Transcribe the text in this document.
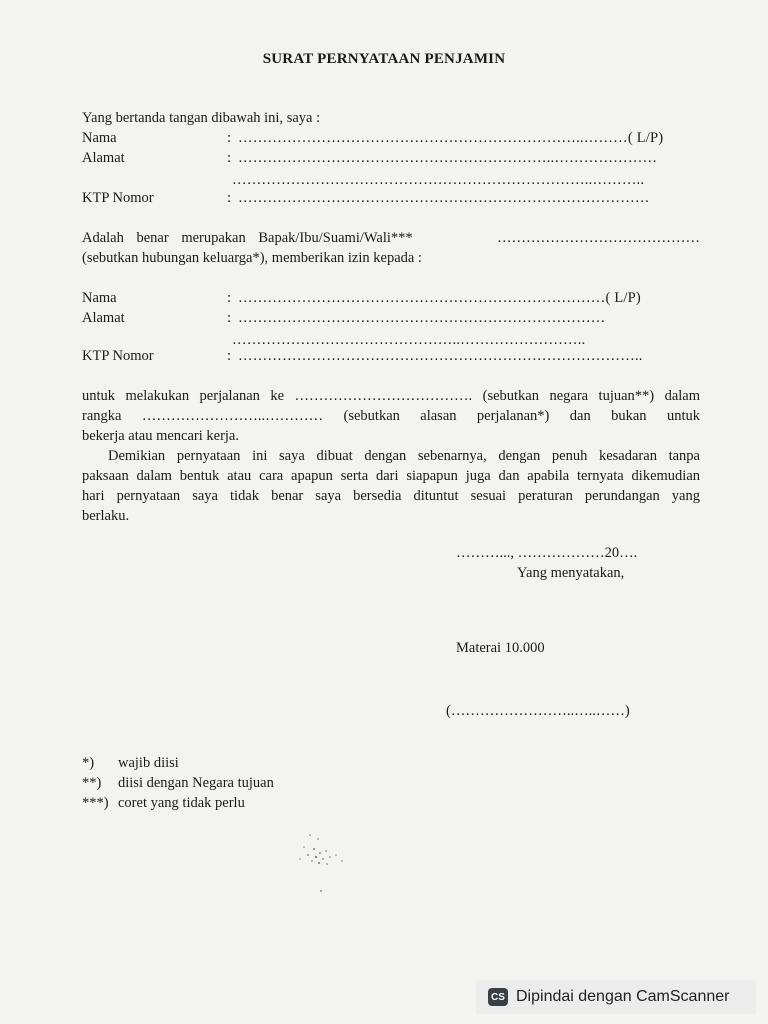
SURAT PERNYATAAN PENJAMIN
Yang bertanda tangan dibawah ini, saya :
Nama	: ……………………………………………………………..………( L/P)
Alamat	: ………………………………………………………..…………………
………………………………………………………………..………..
KTP Nomor	: …………………………………………………………………………
Adalah benar merupakan Bapak/Ibu/Suami/Wali***	……………………………………
(sebutkan hubungan keluarga*), memberikan izin kepada :
Nama	: …………………………………………………………………( L/P)
Alamat	: …………………………………………………………………
………………………………………..……………………..
KTP Nomor	: ………………………………………………………………………..
untuk melakukan perjalanan ke ………………………………. (sebutkan negara tujuan**) dalam
rangka ……………………..………… (sebutkan alasan perjalanan*) dan bukan untuk
bekerja atau mencari kerja.
Demikian pernyataan ini saya dibuat dengan sebenarnya, dengan penuh kesadaran tanpa
paksaan dalam bentuk atau cara apapun serta dari siapapun juga dan apabila ternyata dikemudian
hari pernyataan saya tidak benar saya bersedia dituntut sesuai peraturan perundangan yang
berlaku.
………..., ………………20….
Yang menyatakan,
Materai 10.000
(……………………..…..……)
*) wajib diisi
**) diisi dengan Negara tujuan
***) coret yang tidak perlu
CS Dipindai dengan CamScanner
